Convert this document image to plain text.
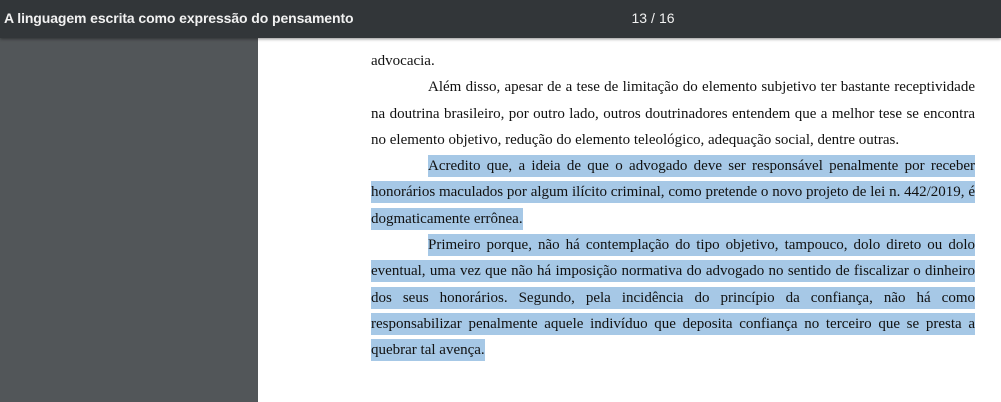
A linguagem escrita como expressão do pensamento	13 / 16

advocacia.

Além disso, apesar de a tese de limitação do elemento subjetivo ter bastante receptividade na doutrina brasileiro, por outro lado, outros doutrinadores entendem que a melhor tese se encontra no elemento objetivo, redução do elemento teleológico, adequação social, dentre outras.

Acredito que, a ideia de que o advogado deve ser responsável penalmente por receber honorários maculados por algum ilícito criminal, como pretende o novo projeto de lei n. 442/2019, é dogmaticamente errônea.

Primeiro porque, não há contemplação do tipo objetivo, tampouco, dolo direto ou dolo eventual, uma vez que não há imposição normativa do advogado no sentido de fiscalizar o dinheiro dos seus honorários. Segundo, pela incidência do princípio da confiança, não há como responsabilizar penalmente aquele indivíduo que deposita confiança no terceiro que se presta a quebrar tal avença.
